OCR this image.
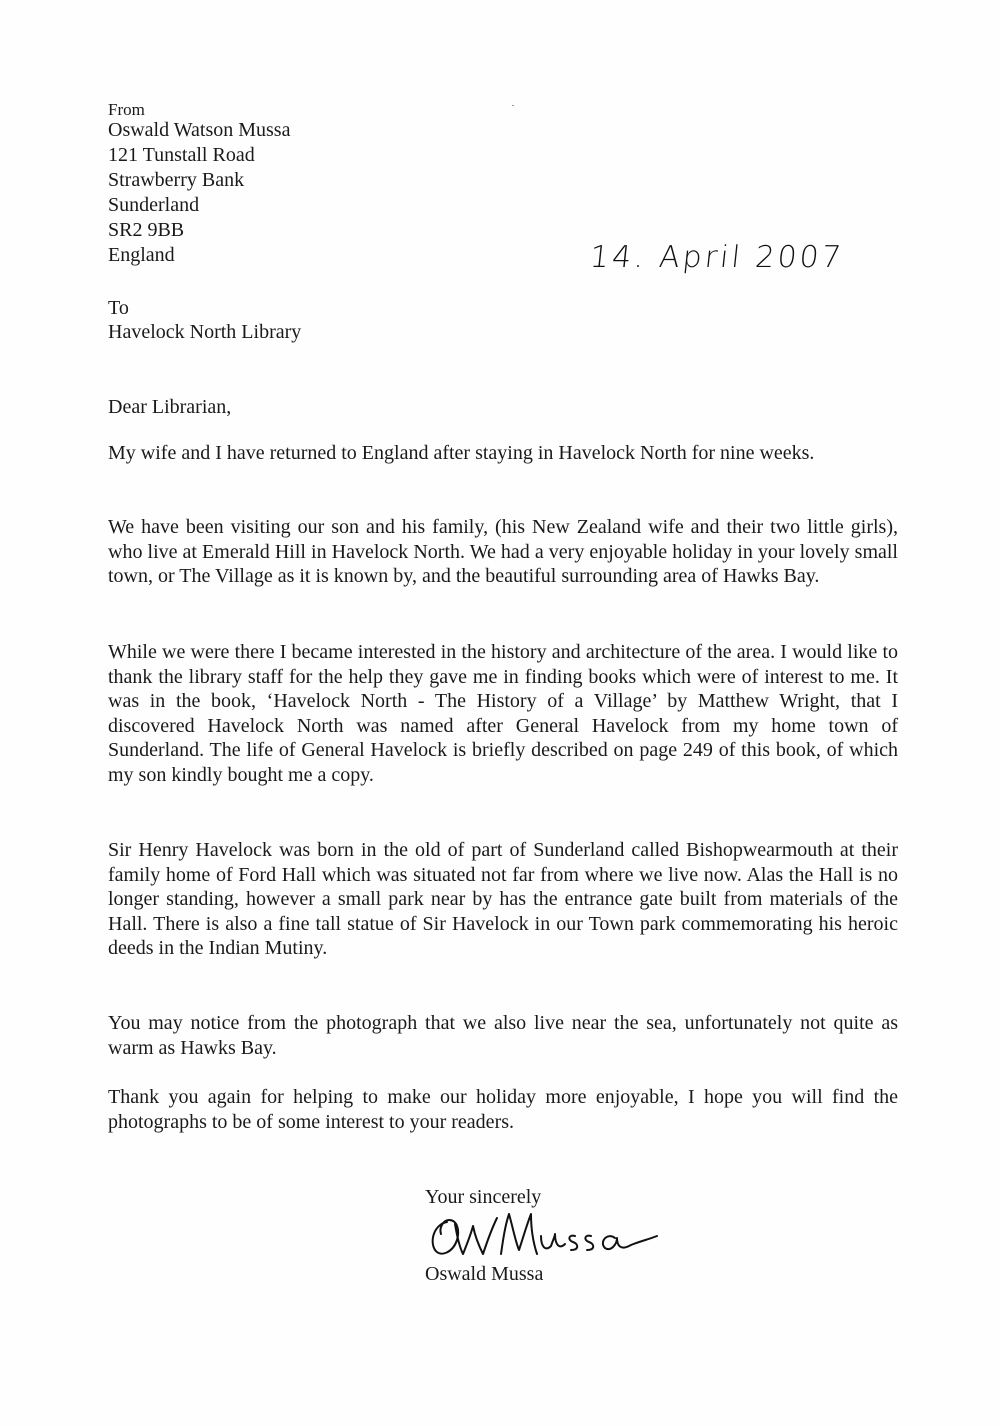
From
Oswald Watson Mussa
121 Tunstall Road
Strawberry Bank
Sunderland
SR2 9BB
England	14. April 2007
To
Havelock North Library
Dear Librarian,
My wife and I have returned to England after staying in Havelock North for nine weeks.
We have been visiting our son and his family, (his New Zealand wife and their two little girls), who live at Emerald Hill in Havelock North. We had a very enjoyable holiday in your lovely small town, or The Village as it is known by, and the beautiful surrounding area of Hawks Bay.
While we were there I became interested in the history and architecture of the area. I would like to thank the library staff for the help they gave me in finding books which were of interest to me. It was in the book, ‘Havelock North - The History of a Village’ by Matthew Wright, that I discovered Havelock North was named after General Havelock from my home town of Sunderland. The life of General Havelock is briefly described on page 249 of this book, of which my son kindly bought me a copy.
Sir Henry Havelock was born in the old of part of Sunderland called Bishopwearmouth at their family home of Ford Hall which was situated not far from where we live now. Alas the Hall is no longer standing, however a small park near by has the entrance gate built from materials of the Hall. There is also a fine tall statue of Sir Havelock in our Town park commemorating his heroic deeds in the Indian Mutiny.
You may notice from the photograph that we also live near the sea, unfortunately not quite as warm as Hawks Bay.
Thank you again for helping to make our holiday more enjoyable, I hope you will find the photographs to be of some interest to your readers.
Your sincerely
Oswald Mussa
